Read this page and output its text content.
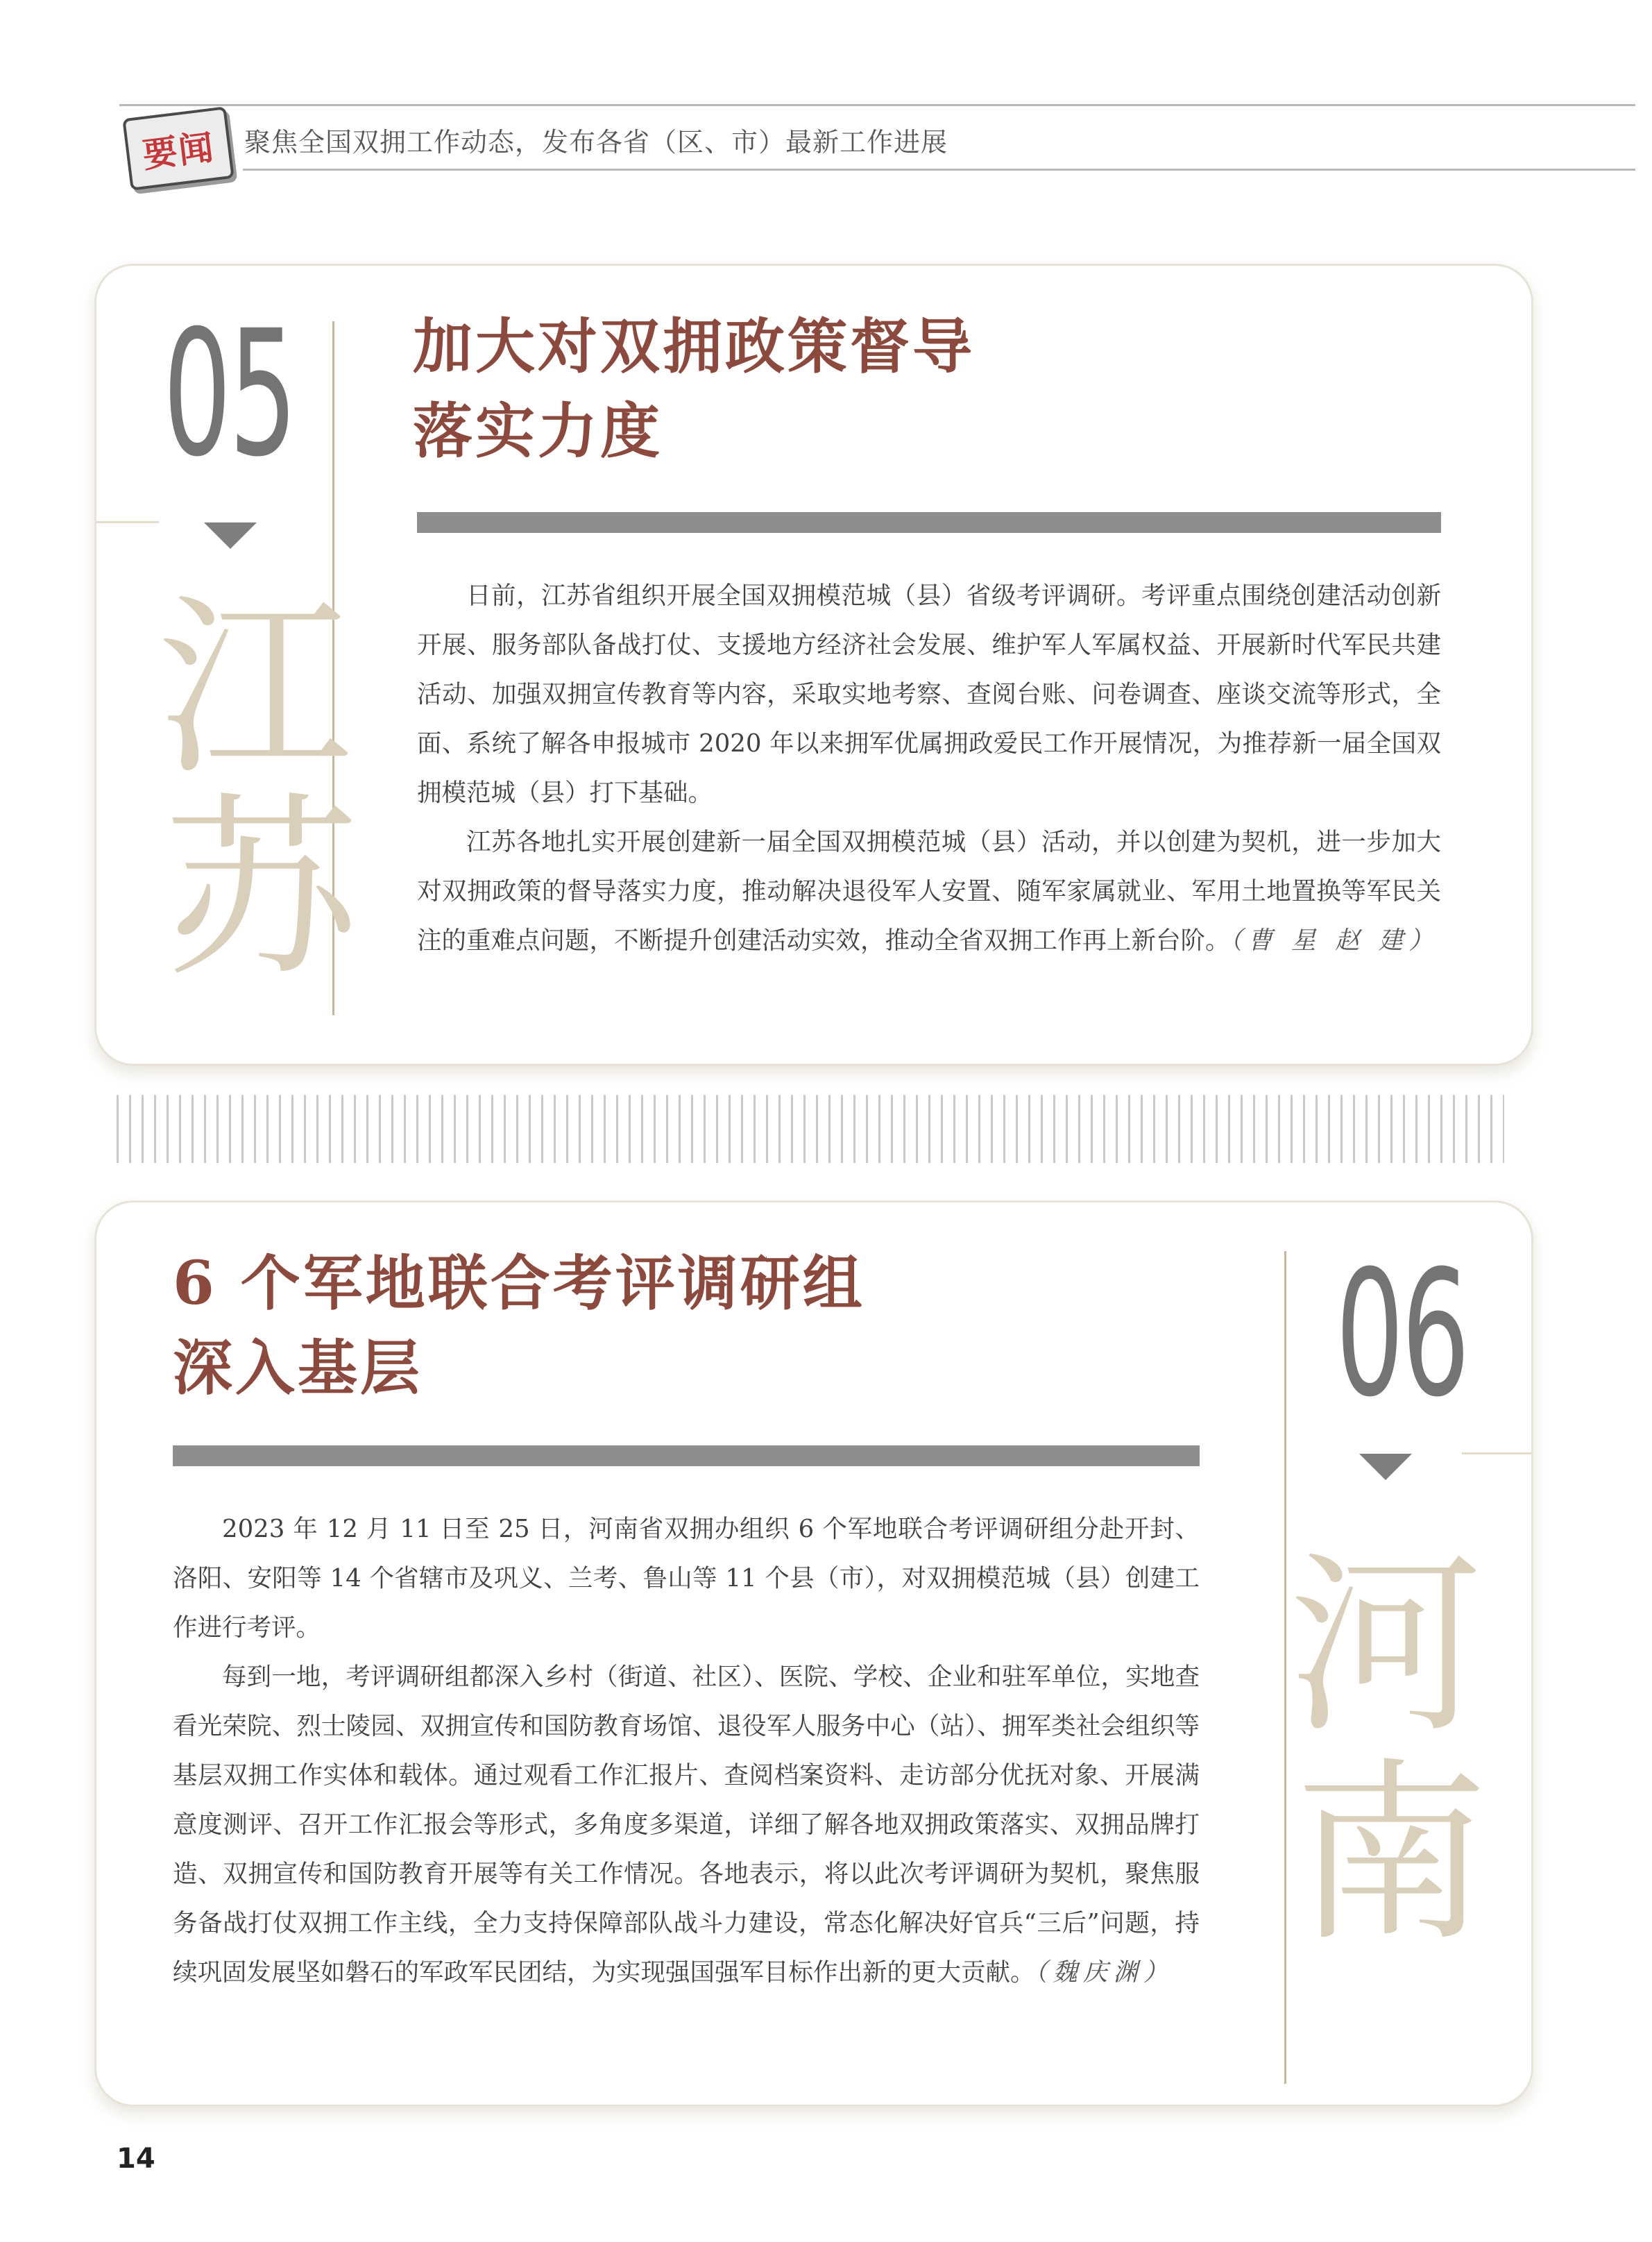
要闻 聚焦全国双拥工作动态，发布各省（区、市）最新工作进展
05
江
苏
加大对双拥政策督导
落实力度

日前，江苏省组织开展全国双拥模范城（县）省级考评调研。考评重点围绕创建活动创新开展、服务部队备战打仗、支援地方经济社会发展、维护军人军属权益、开展新时代军民共建活动、加强双拥宣传教育等内容，采取实地考察、查阅台账、问卷调查、座谈交流等形式，全面、系统了解各申报城市 2020 年以来拥军优属拥政爱民工作开展情况，为推荐新一届全国双拥模范城（县）打下基础。

江苏各地扎实开展创建新一届全国双拥模范城（县）活动，并以创建为契机，进一步加大对双拥政策的督导落实力度，推动解决退役军人安置、随军家属就业、军用土地置换等军民关注的重难点问题，不断提升创建活动实效，推动全省双拥工作再上新台阶。（曹 星 赵 建）

6 个军地联合考评调研组
深入基层

2023 年 12 月 11 日至 25 日，河南省双拥办组织 6 个军地联合考评调研组分赴开封、洛阳、安阳等 14 个省辖市及巩义、兰考、鲁山等 11 个县（市），对双拥模范城（县）创建工作进行考评。

每到一地，考评调研组都深入乡村（街道、社区）、医院、学校、企业和驻军单位，实地查看光荣院、烈士陵园、双拥宣传和国防教育场馆、退役军人服务中心（站）、拥军类社会组织等基层双拥工作实体和载体。通过观看工作汇报片、查阅档案资料、走访部分优抚对象、开展满意度测评、召开工作汇报会等形式，多角度多渠道，详细了解各地双拥政策落实、双拥品牌打造、双拥宣传和国防教育开展等有关工作情况。各地表示，将以此次考评调研为契机，聚焦服务备战打仗双拥工作主线，全力支持保障部队战斗力建设，常态化解决好官兵“三后”问题，持续巩固发展坚如磐石的军政军民团结，为实现强国强军目标作出新的更大贡献。（魏庆渊）

06
河
南
14
